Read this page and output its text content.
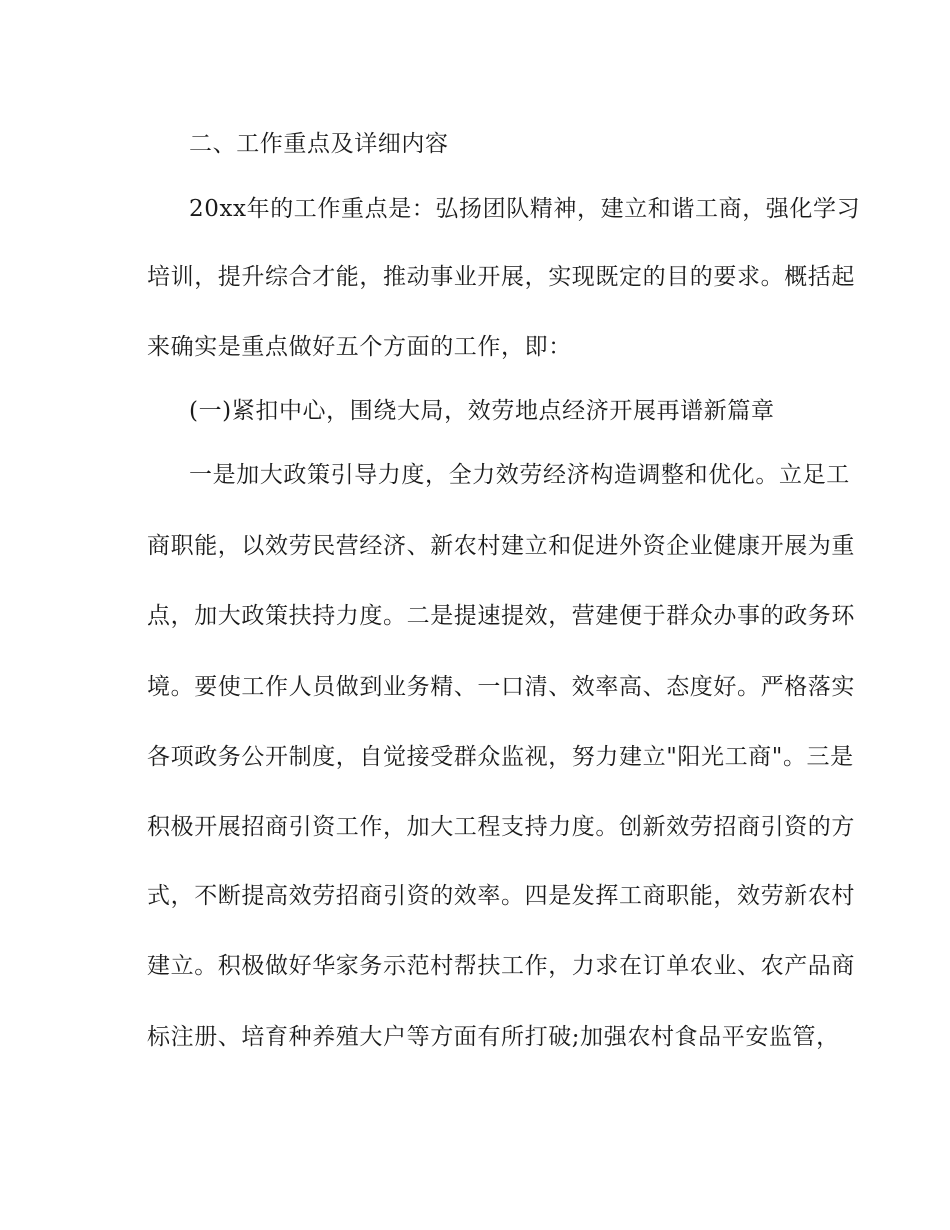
二、工作重点及详细内容
20xx年的工作重点是：弘扬团队精神，建立和谐工商，强化学习
培训，提升综合才能，推动事业开展，实现既定的目的要求。概括起
来确实是重点做好五个方面的工作，即：
(一)紧扣中心，围绕大局，效劳地点经济开展再谱新篇章
一是加大政策引导力度，全力效劳经济构造调整和优化。立足工
商职能，以效劳民营经济、新农村建立和促进外资企业健康开展为重
点，加大政策扶持力度。二是提速提效，营建便于群众办事的政务环
境。要使工作人员做到业务精、一口清、效率高、态度好。严格落实
各项政务公开制度，自觉接受群众监视，努力建立"阳光工商"。三是
积极开展招商引资工作，加大工程支持力度。创新效劳招商引资的方
式，不断提高效劳招商引资的效率。四是发挥工商职能，效劳新农村
建立。积极做好华家务示范村帮扶工作，力求在订单农业、农产品商
标注册、培育种养殖大户等方面有所打破;加强农村食品平安监管，
